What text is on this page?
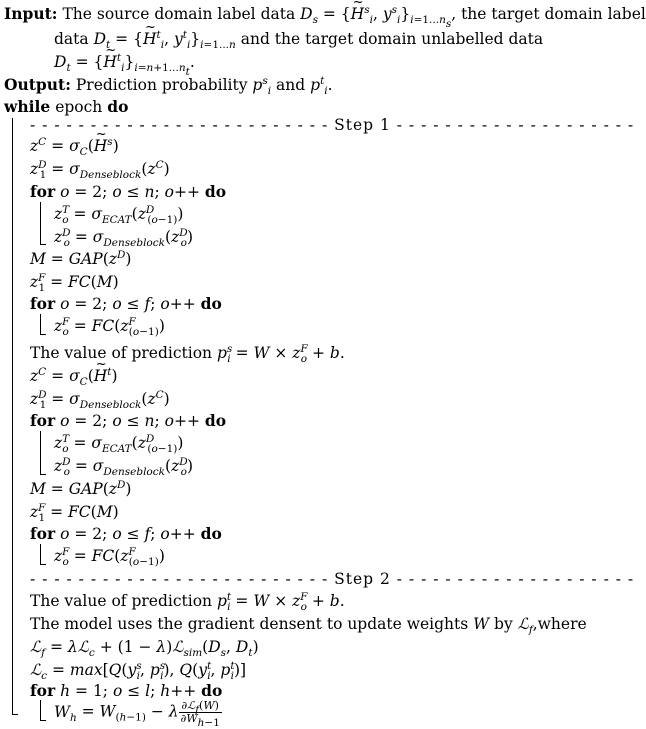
Input: The source domain label data $D_s$ = {~ $H^s_i$, $y^s_i\}_{i=1...n_s}$, the target domain label
data $D_t$ = {~ $H^t_i$, $y^t_i\}_{i=1...n}$ and the target domain unlabelled data
$D_t$ = {~ $H^t_i\}_{i=n+1...n_t}$.
Output: Prediction probability $p^s_i$ and $p^t_i$.
while epoch do
- - - - - - - - - - - - - - - - - - - - - - - - - Step 1 - - - - - - - - - - - - - - - - - - - -
$z^C$ = $\sigma_C(\sim$ $H^s$)
$z^D_1 = \sigma_{Denseblock}(z^C)$
for o = 2; o ≤ n; o++ do
$z^T_o = \sigma_{ECAT}(z^D_{(o-1)})$
$z^D_o = \sigma_{Denseblock}(z^D_o)$
$M = GAP(z^D)$
$z^F_1 = FC(M)$
for o = 2; o ≤ f; o++ do
$z^F_o = FC(z^F_{(o-1)})$
The value of prediction $p^s_i = W \times z^F_o + b$.
$z^C$ = $\sigma_C(\sim$ $H^t$)
$z^D_1 = \sigma_{Denseblock}(z^C)$
for o = 2; o ≤ n; o++ do
$z^T_o = \sigma_{ECAT}(z^D_{(o-1)})$
$z^D_o = \sigma_{Denseblock}(z^D_o)$
$M = GAP(z^D)$
$z^F_1 = FC(M)$
for o = 2; o ≤ f; o++ do
$z^F_o = FC(z^F_{(o-1)})$
- - - - - - - - - - - - - - - - - - - - - - - - - Step 2 - - - - - - - - - - - - - - - - - - - -
The value of prediction $p^t_i = W \times z^F_o + b$.
The model uses the gradient densent to update weights W by ℒ$_f$,where
ℒ$_f$ = λℒ$_c$ + $(1 - \lambda)ℒ_{sim}(D_s$, $D_t$)
ℒ$_c$ = $\max[Q(y^s_i$, $p^s_i$), $Q(y^t_i$, $p^t_i$)]
for h = 1; o ≤ l; h++ do
$W_h = W_{(h-1)} - \lambda \frac{\partial ℒ_f(W)}{\partial W_{h-1}}$
